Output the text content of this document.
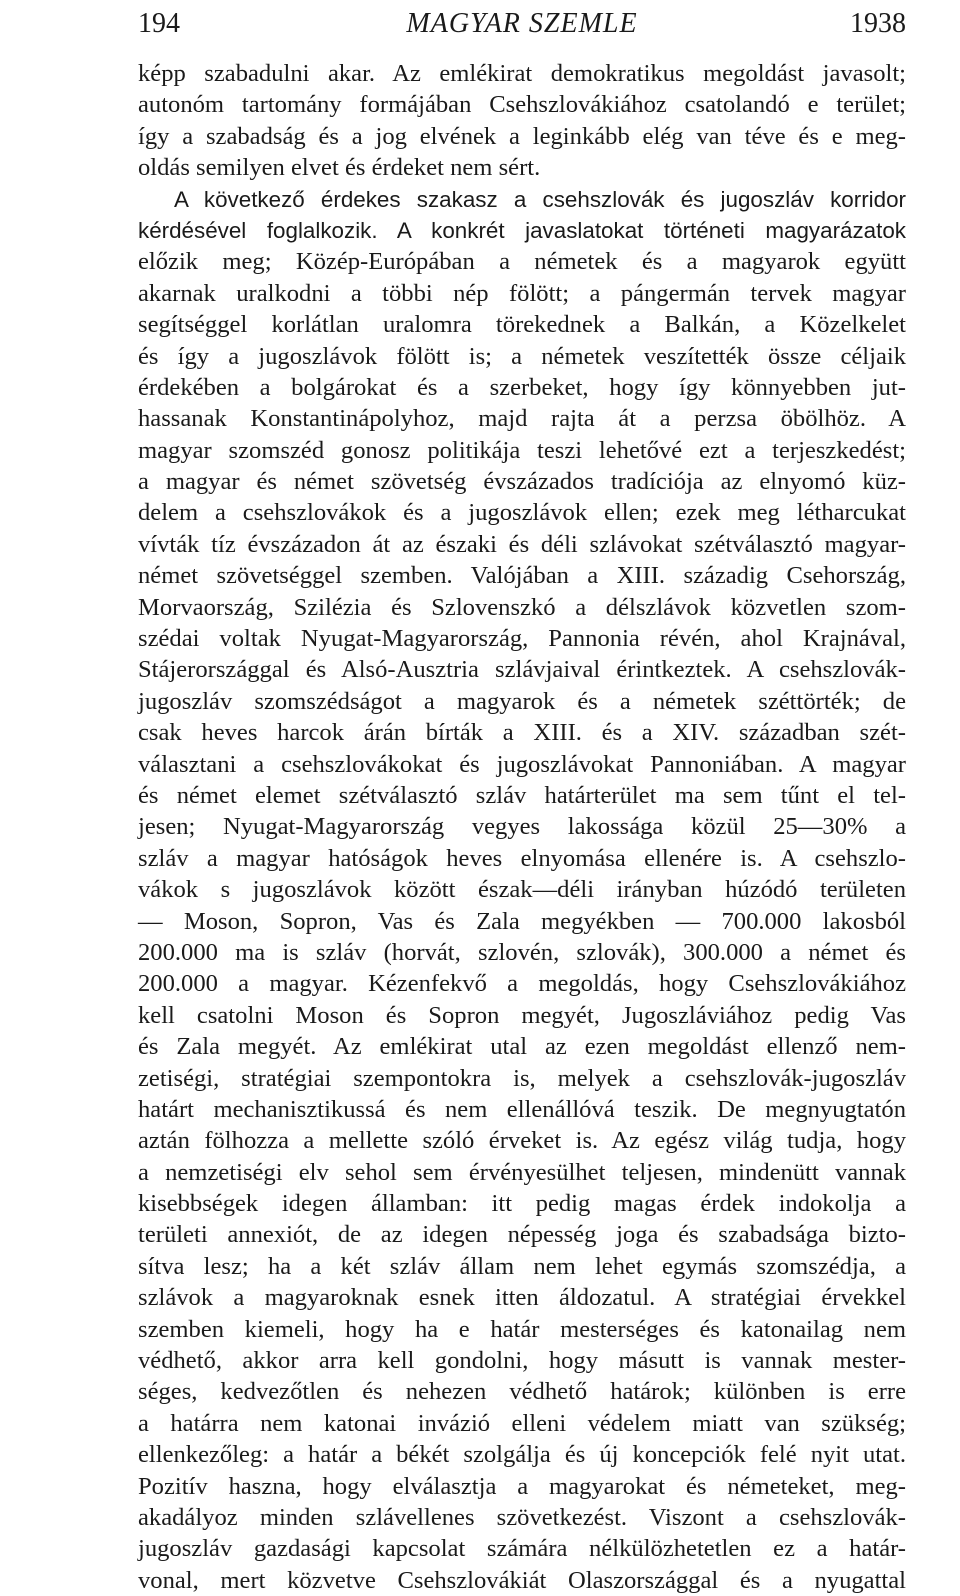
194	MAGYAR SZEMLE	1938
képp szabadulni akar. Az emlékirat demokratikus megoldást javasolt;
autonóm tartomány formájában Csehszlovákiához csatolandó e terület;
így a szabadság és a jog elvének a leginkább elég van téve és e meg-
oldás semilyen elvet és érdeket nem sért.
A következő érdekes szakasz a csehszlovák és jugoszláv korridor
kérdésével foglalkozik. A konkrét javaslatokat történeti magyarázatok
előzik meg; Közép-Európában a németek és a magyarok együtt
akarnak uralkodni a többi nép fölött; a pángermán tervek magyar
segítséggel korlátlan uralomra törekednek a Balkán, a Közelkelet
és így a jugoszlávok fölött is; a németek veszítették össze céljaik
érdekében a bolgárokat és a szerbeket, hogy így könnyebben jut-
hassanak Konstantinápolyhoz, majd rajta át a perzsa öbölhöz. A
magyar szomszéd gonosz politikája teszi lehetővé ezt a terjeszkedést;
a magyar és német szövetség évszázados tradíciója az elnyomó küz-
delem a csehszlovákok és a jugoszlávok ellen; ezek meg létharcukat
vívták tíz évszázadon át az északi és déli szlávokat szétválasztó magyar-
német szövetséggel szemben. Valójában a XIII. századig Csehország,
Morvaország, Szilézia és Szlovenszkó a délszlávok közvetlen szom-
szédai voltak Nyugat-Magyarország, Pannonia révén, ahol Krajnával,
Stájerországgal és Alsó-Ausztria szlávjaival érintkeztek. A csehszlovák-
jugoszláv szomszédságot a magyarok és a németek széttörték; de
csak heves harcok árán bírták a XIII. és a XIV. században szét-
választani a csehszlovákokat és jugoszlávokat Pannoniában. A magyar
és német elemet szétválasztó szláv határterület ma sem tűnt el tel-
jesen; Nyugat-Magyarország vegyes lakossága közül 25—30% a
szláv a magyar hatóságok heves elnyomása ellenére is. A csehszlo-
vákok s jugoszlávok között észak—déli irányban húzódó területen
— Moson, Sopron, Vas és Zala megyékben — 700.000 lakosból
200.000 ma is szláv (horvát, szlovén, szlovák), 300.000 a német és
200.000 a magyar. Kézenfekvő a megoldás, hogy Csehszlovákiához
kell csatolni Moson és Sopron megyét, Jugoszláviához pedig Vas
és Zala megyét. Az emlékirat utal az ezen megoldást ellenző nem-
zetiségi, stratégiai szempontokra is, melyek a csehszlovák-jugoszláv
határt mechanisztikussá és nem ellenállóvá teszik. De megnyugtatón
aztán fölhozza a mellette szóló érveket is. Az egész világ tudja, hogy
a nemzetiségi elv sehol sem érvényesülhet teljesen, mindenütt vannak
kisebbségek idegen államban: itt pedig magas érdek indokolja a
területi annexiót, de az idegen népesség joga és szabadsága bizto-
sítva lesz; ha a két szláv állam nem lehet egymás szomszédja, a
szlávok a magyaroknak esnek itten áldozatul. A stratégiai érvekkel
szemben kiemeli, hogy ha e határ mesterséges és katonailag nem
védhető, akkor arra kell gondolni, hogy másutt is vannak mester-
séges, kedvezőtlen és nehezen védhető határok; különben is erre
a határra nem katonai invázió elleni védelem miatt van szükség;
ellenkezőleg: a határ a békét szolgálja és új koncepciók felé nyit utat.
Pozitív haszna, hogy elválasztja a magyarokat és németeket, meg-
akadályoz minden szlávellenes szövetkezést. Viszont a csehszlovák-
jugoszláv gazdasági kapcsolat számára nélkülözhetetlen ez a határ-
vonal, mert közvetve Csehszlovákiát Olaszországgal és a nyugattal
